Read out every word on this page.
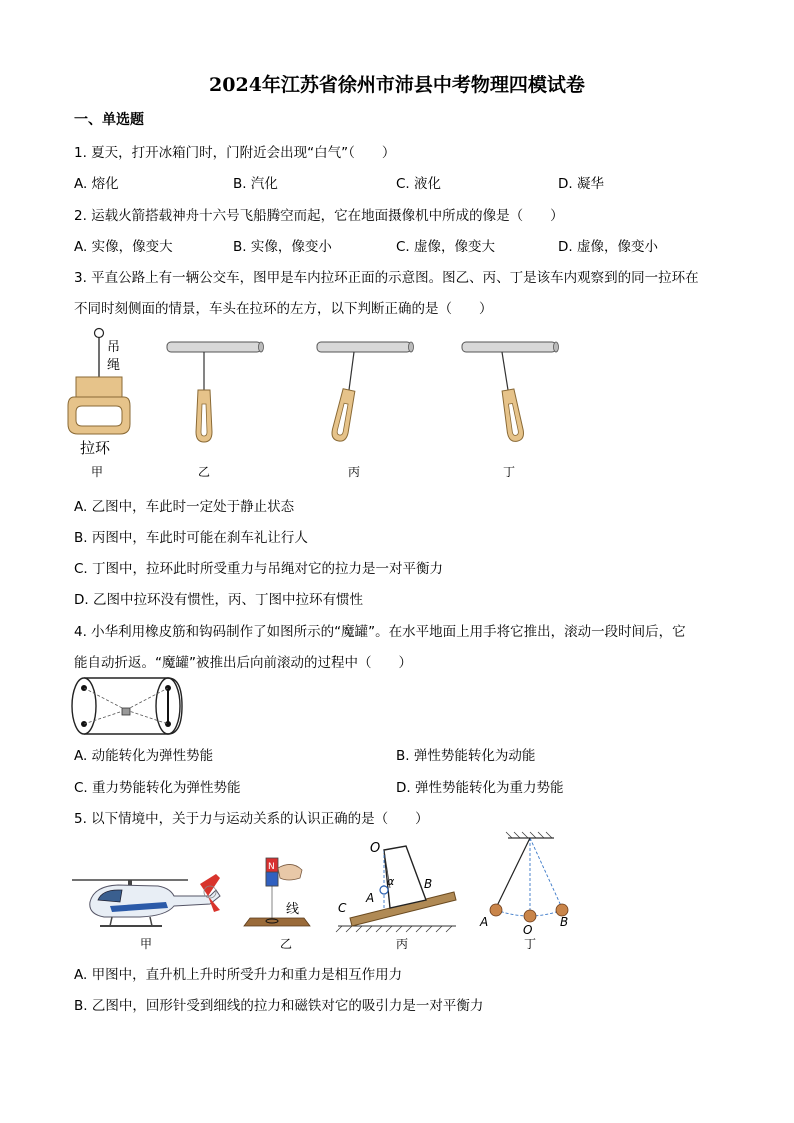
2024年江苏省徐州市沛县中考物理四模试卷
一、单选题
1. 夏天，打开冰箱门时，门附近会出现“白气”（　　）
A. 熔化	B. 汽化	C. 液化	D. 凝华
2. 运载火箭搭载神舟十六号飞船腾空而起，它在地面摄像机中所成的像是（　　）
A. 实像，像变大	B. 实像，像变小	C. 虚像，像变大	D. 虚像，像变小
3. 平直公路上有一辆公交车，图甲是车内拉环正面的示意图。图乙、丙、丁是该车内观察到的同一拉环在
不同时刻侧面的情景，车头在拉环的左方，以下判断正确的是（　　）
吊
绳
拉环
甲	乙	丙	丁
A. 乙图中，车此时一定处于静止状态
B. 丙图中，车此时可能在刹车礼让行人
C. 丁图中，拉环此时所受重力与吊绳对它的拉力是一对平衡力
D. 乙图中拉环没有惯性，丙、丁图中拉环有惯性
4. 小华利用橡皮筋和钩码制作了如图所示的“魔罐”。在水平地面上用手将它推出，滚动一段时间后，它
能自动折返。“魔罐”被推出后向前滚动的过程中（　　）
A. 动能转化为弹性势能	B. 弹性势能转化为动能
C. 重力势能转化为弹性势能	D. 弹性势能转化为重力势能
5. 以下情境中，关于力与运动关系的认识正确的是（　　）
N
线
O
α
A
B
C
A
O
B
甲	乙	丙	丁
A. 甲图中，直升机上升时所受升力和重力是相互作用力
B. 乙图中，回形针受到细线的拉力和磁铁对它的吸引力是一对平衡力
